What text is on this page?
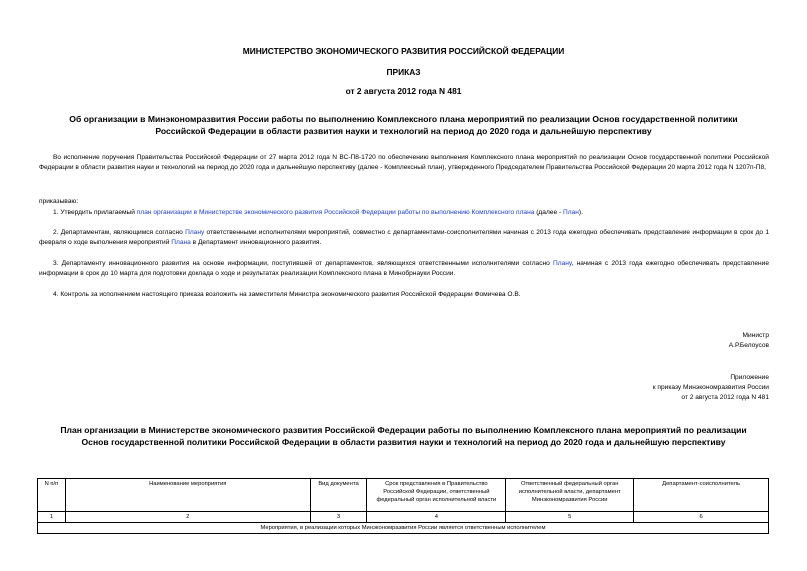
МИНИСТЕРСТВО ЭКОНОМИЧЕСКОГО РАЗВИТИЯ РОССИЙСКОЙ ФЕДЕРАЦИИ
ПРИКАЗ
от 2 августа 2012 года N 481
Об организации в Минэкономразвития России работы по выполнению Комплексного плана мероприятий по реализации Основ государственной политики
Российской Федерации в области развития науки и технологий на период до 2020 года и дальнейшую перспективу
Во исполнение поручения Правительства Российской Федерации от 27 марта 2012 года N ВС-П8-1720 по обеспечению выполнения Комплексного плана мероприятий по реализации Основ государственной политики Российской Федерации в области развития науки и технологий на период до 2020 года и дальнейшую перспективу (далее - Комплексный план), утвержденного Председателем Правительства Российской Федерации 20 марта 2012 года N 1207п-П8,
приказываю:
1. Утвердить прилагаемый план организации в Министерстве экономического развития Российской Федерации работы по выполнению Комплексного плана (далее - План).
2. Департаментам, являющимся согласно Плану ответственными исполнителями мероприятий, совместно с департаментами-соисполнителями начиная с 2013 года ежегодно обеспечивать представление информации в срок до 1 февраля о ходе выполнения мероприятий Плана в Департамент инновационного развития.
3. Департаменту инновационного развития на основе информации, поступившей от департаментов, являющихся ответственными исполнителями согласно Плану, начиная с 2013 года ежегодно обеспечивать представление информации в срок до 10 марта для подготовки доклада о ходе и результатах реализации Комплексного плана в Минобрнауки России.
4. Контроль за исполнением настоящего приказа возложить на заместителя Министра экономического развития Российской Федерации Фомичева О.В.
Министр
А.Р.Белоусов
Приложение
к приказу Минэкономразвития России
от 2 августа 2012 года N 481
План организации в Министерстве экономического развития Российской Федерации работы по выполнению Комплексного плана мероприятий по реализации
Основ государственной политики Российской Федерации в области развития науки и технологий на период до 2020 года и дальнейшую перспективу
N п/п	Наименование мероприятия	Вид документа	Срок представления в Правительство Российской Федерации, ответственный федеральный орган исполнительной власти	Ответственный федеральный орган исполнительной власти, департамент Минэкономразвития России	Департамент-соисполнитель
1	2	3	4	5	6
Мероприятия, в реализации которых Минэкономразвития России является ответственным исполнителем					
